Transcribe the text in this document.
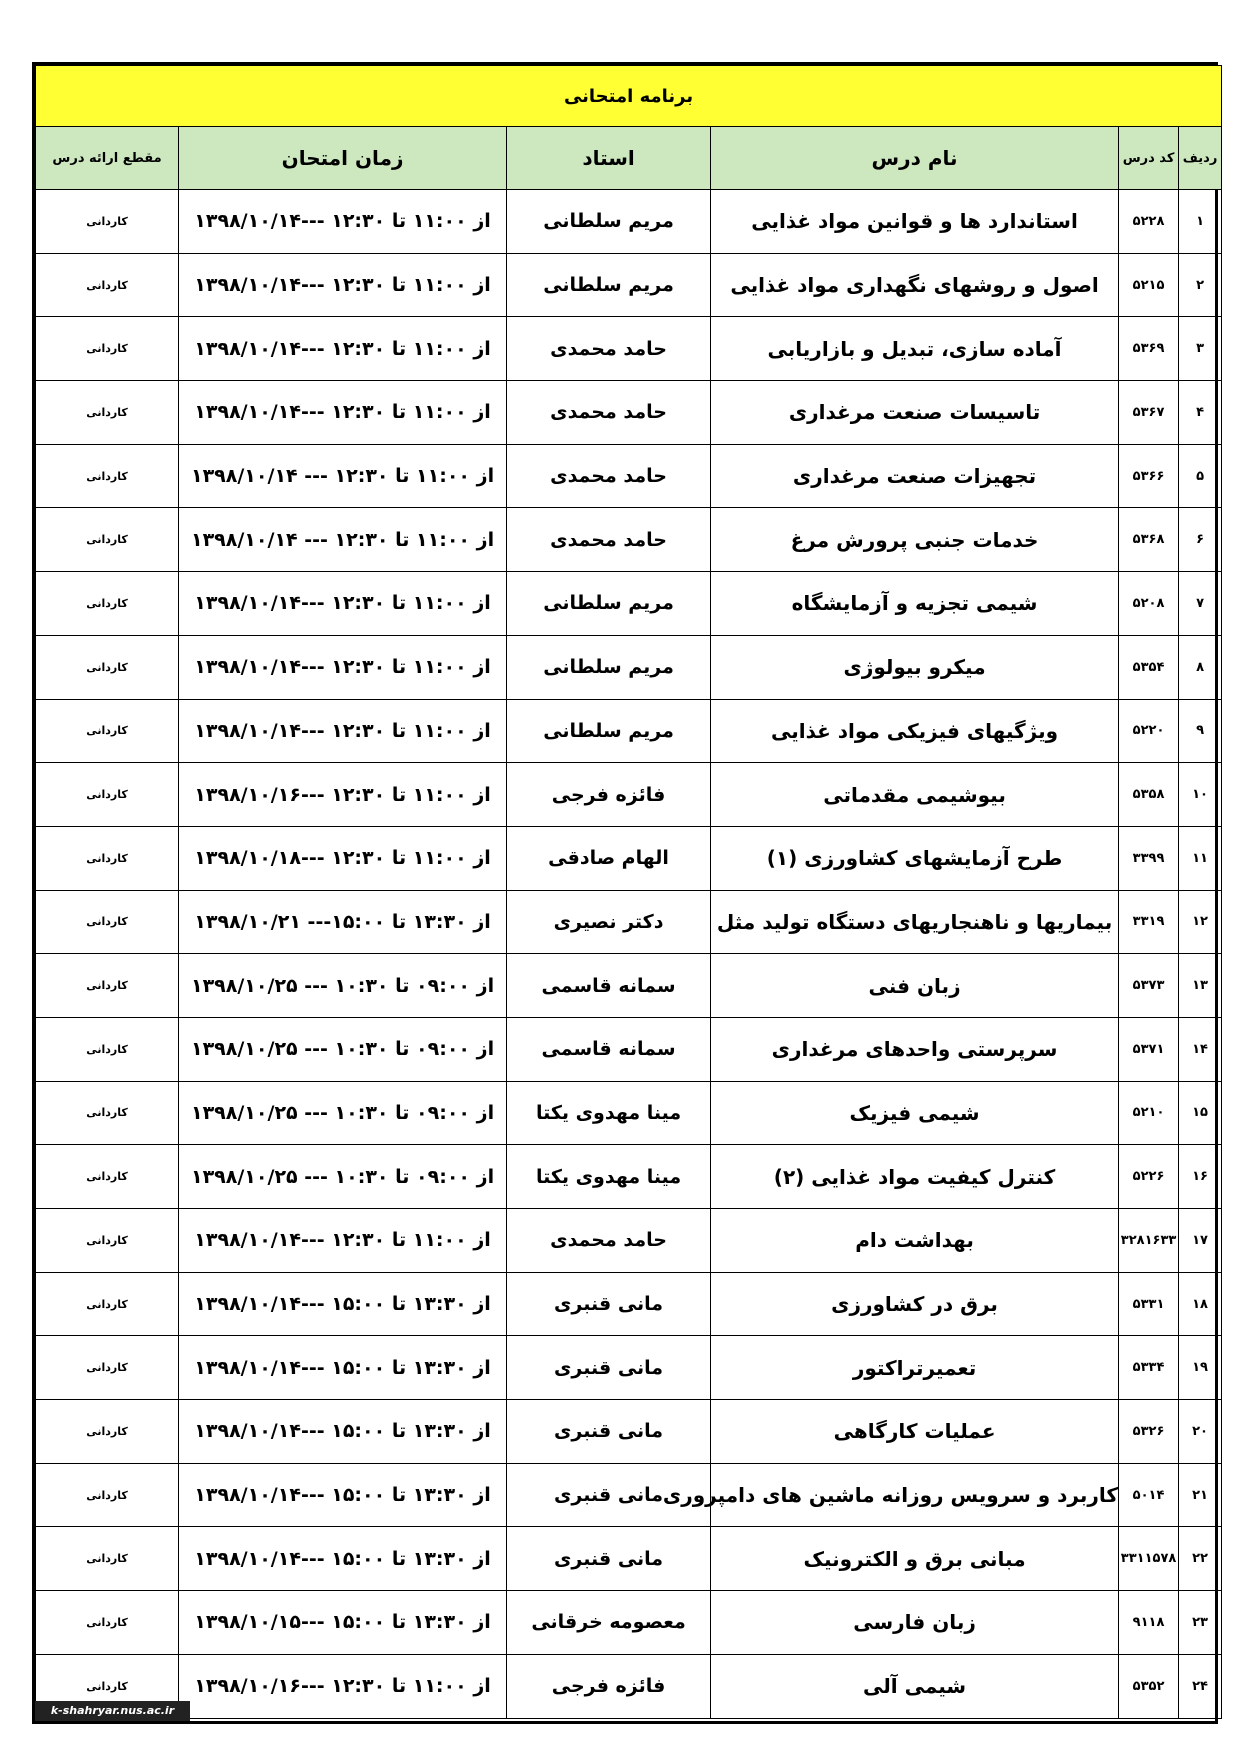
برنامه امتحانی					
ردیف	کد درس	نام درس	استاد	زمان امتحان	مقطع ارائه درس
۱	۵۲۲۸	استاندارد ها و قوانین مواد غذایی	مریم سلطانی	از ۱۱:۰۰ تا ۱۲:۳۰ ---۱۳۹۸/۱۰/۱۴	کاردانی
۲	۵۲۱۵	اصول و روشهای نگهداری مواد غذایی	مریم سلطانی	از ۱۱:۰۰ تا ۱۲:۳۰ ---۱۳۹۸/۱۰/۱۴	کاردانی
۳	۵۳۶۹	آماده سازی، تبدیل و بازاریابی	حامد محمدی	از ۱۱:۰۰ تا ۱۲:۳۰ ---۱۳۹۸/۱۰/۱۴	کاردانی
۴	۵۳۶۷	تاسیسات صنعت مرغداری	حامد محمدی	از ۱۱:۰۰ تا ۱۲:۳۰ ---۱۳۹۸/۱۰/۱۴	کاردانی
۵	۵۳۶۶	تجهیزات صنعت مرغداری	حامد محمدی	از ۱۱:۰۰ تا ۱۲:۳۰ --- ۱۳۹۸/۱۰/۱۴	کاردانی
۶	۵۳۶۸	خدمات جنبی پرورش مرغ	حامد محمدی	از ۱۱:۰۰ تا ۱۲:۳۰ --- ۱۳۹۸/۱۰/۱۴	کاردانی
۷	۵۲۰۸	شیمی تجزیه و آزمایشگاه	مریم سلطانی	از ۱۱:۰۰ تا ۱۲:۳۰ ---۱۳۹۸/۱۰/۱۴	کاردانی
۸	۵۳۵۴	میکرو بیولوژی	مریم سلطانی	از ۱۱:۰۰ تا ۱۲:۳۰ ---۱۳۹۸/۱۰/۱۴	کاردانی
۹	۵۲۲۰	ویژگیهای فیزیکی مواد غذایی	مریم سلطانی	از ۱۱:۰۰ تا ۱۲:۳۰ ---۱۳۹۸/۱۰/۱۴	کاردانی
۱۰	۵۳۵۸	بیوشیمی مقدماتی	فائزه فرجی	از ۱۱:۰۰ تا ۱۲:۳۰ ---۱۳۹۸/۱۰/۱۶	کاردانی
۱۱	۳۳۹۹	طرح آزمایشهای کشاورزی (۱)	الهام صادقی	از ۱۱:۰۰ تا ۱۲:۳۰ ---۱۳۹۸/۱۰/۱۸	کاردانی
۱۲	۳۳۱۹	بیماریها و ناهنجاریهای دستگاه تولید مثل	دکتر نصیری	از ۱۳:۳۰ تا ۱۵:۰۰--- ۱۳۹۸/۱۰/۲۱	کاردانی
۱۳	۵۳۷۳	زبان فنی	سمانه قاسمی	از ۰۹:۰۰ تا ۱۰:۳۰ --- ۱۳۹۸/۱۰/۲۵	کاردانی
۱۴	۵۳۷۱	سرپرستی واحدهای مرغداری	سمانه قاسمی	از ۰۹:۰۰ تا ۱۰:۳۰ --- ۱۳۹۸/۱۰/۲۵	کاردانی
۱۵	۵۲۱۰	شیمی فیزیک	مینا مهدوی یکتا	از ۰۹:۰۰ تا ۱۰:۳۰ --- ۱۳۹۸/۱۰/۲۵	کاردانی
۱۶	۵۲۲۶	کنترل کیفیت مواد غذایی (۲)	مینا مهدوی یکتا	از ۰۹:۰۰ تا ۱۰:۳۰ --- ۱۳۹۸/۱۰/۲۵	کاردانی
۱۷	۳۲۸۱۶۳۳	بهداشت دام	حامد محمدی	از ۱۱:۰۰ تا ۱۲:۳۰ ---۱۳۹۸/۱۰/۱۴	کاردانی
۱۸	۵۳۳۱	برق در کشاورزی	مانی قنبری	از ۱۳:۳۰ تا ۱۵:۰۰ ---۱۳۹۸/۱۰/۱۴	کاردانی
۱۹	۵۳۳۴	تعمیرتراکتور	مانی قنبری	از ۱۳:۳۰ تا ۱۵:۰۰ ---۱۳۹۸/۱۰/۱۴	کاردانی
۲۰	۵۳۲۶	عملیات کارگاهی	مانی قنبری	از ۱۳:۳۰ تا ۱۵:۰۰ ---۱۳۹۸/۱۰/۱۴	کاردانی
۲۱	۵۰۱۴	کاربرد و سرویس روزانه ماشین های دامپروری	مانی قنبری	از ۱۳:۳۰ تا ۱۵:۰۰ ---۱۳۹۸/۱۰/۱۴	کاردانی
۲۲	۳۳۱۱۵۷۸	مبانی برق و الکترونیک	مانی قنبری	از ۱۳:۳۰ تا ۱۵:۰۰ ---۱۳۹۸/۱۰/۱۴	کاردانی
۲۳	۹۱۱۸	زبان فارسی	معصومه خرقانی	از ۱۳:۳۰ تا ۱۵:۰۰ ---۱۳۹۸/۱۰/۱۵	کاردانی
۲۴	۵۳۵۲	شیمی آلی	فائزه فرجی	از ۱۱:۰۰ تا ۱۲:۳۰ ---۱۳۹۸/۱۰/۱۶	کاردانی
k-shahryar.nus.ac.ir
